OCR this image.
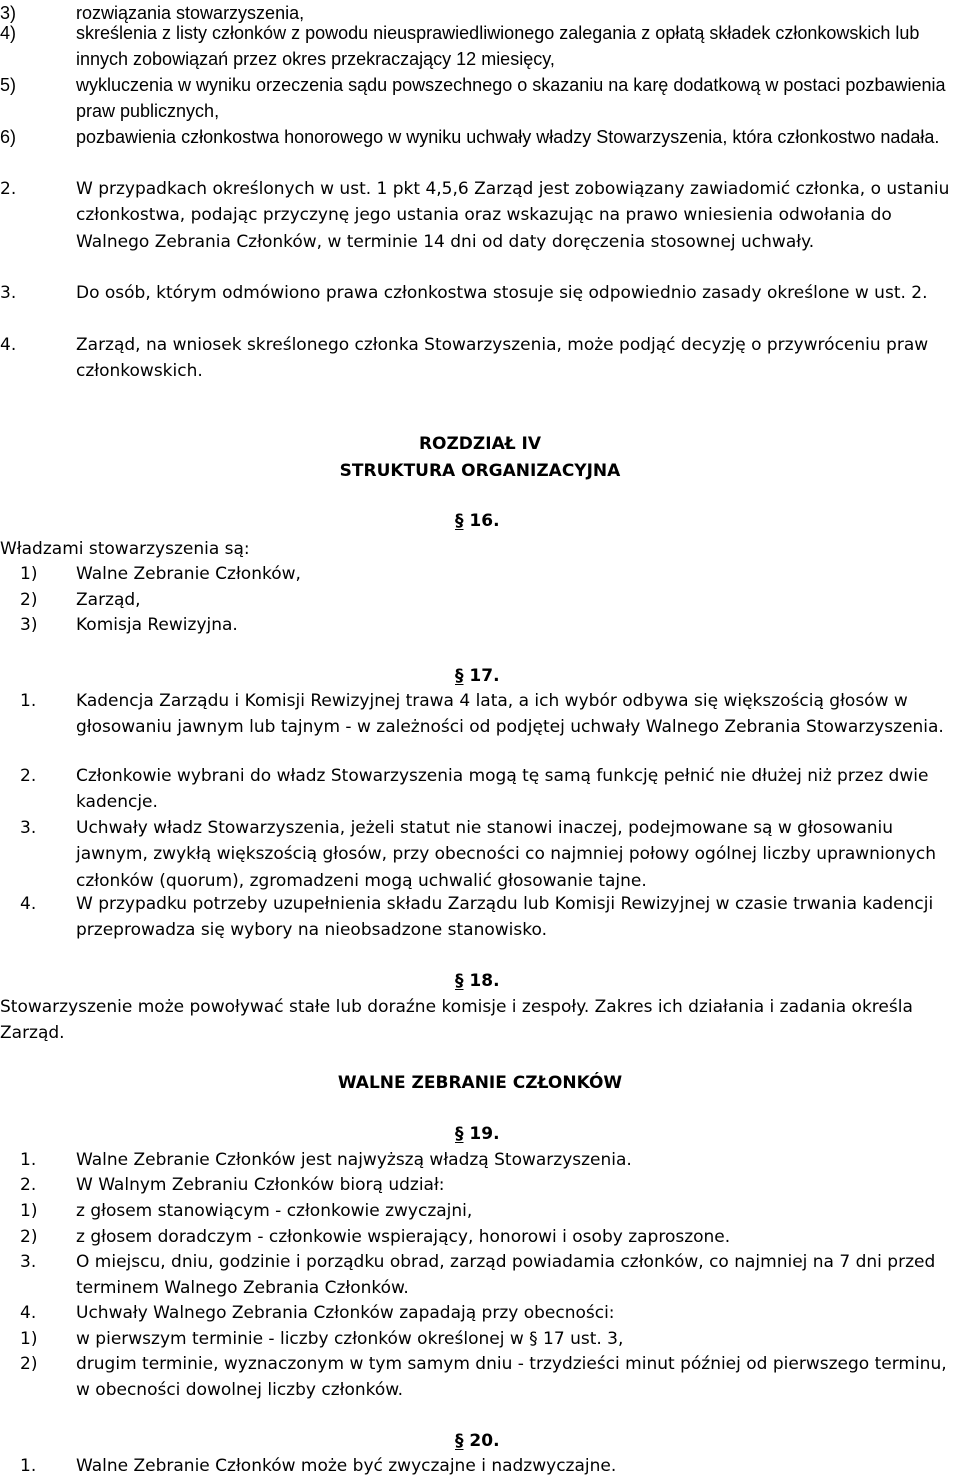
3)	rozwiązania stowarzyszenia,
4)	skreślenia z listy członków z powodu nieusprawiedliwionego zalegania z opłatą składek członkowskich lub innych zobowiązań przez okres przekraczający 12 miesięcy,
5)	wykluczenia w wyniku orzeczenia sądu powszechnego o skazaniu na karę dodatkową w postaci pozbawienia praw publicznych,
6)	pozbawienia członkostwa honorowego w wyniku uchwały władzy Stowarzyszenia, która członkostwo nadała.
2.	W przypadkach określonych w ust. 1 pkt 4,5,6 Zarząd jest zobowiązany zawiadomić członka, o ustaniu członkostwa, podając przyczynę jego ustania oraz wskazując na prawo wniesienia odwołania do Walnego Zebrania Członków, w terminie 14 dni od daty doręczenia stosownej uchwały.
3.	Do osób, którym odmówiono prawa członkostwa stosuje się odpowiednio zasady określone w ust. 2.
4.	Zarząd, na wniosek skreślonego członka Stowarzyszenia, może podjąć decyzję o przywróceniu praw członkowskich.
ROZDZIAŁ IV
STRUKTURA ORGANIZACYJNA
§ 16.
Władzami stowarzyszenia są:
1) Walne Zebranie Członków,
2) Zarząd,
3) Komisja Rewizyjna.
§ 17.
1. Kadencja Zarządu i Komisji Rewizyjnej trawa 4 lata, a ich wybór odbywa się większością głosów w głosowaniu jawnym lub tajnym - w zależności od podjętej uchwały Walnego Zebrania Stowarzyszenia.
2. Członkowie wybrani do władz Stowarzyszenia mogą tę samą funkcję pełnić nie dłużej niż przez dwie kadencje.
3. Uchwały władz Stowarzyszenia, jeżeli statut nie stanowi inaczej, podejmowane są w głosowaniu jawnym, zwykłą większością głosów, przy obecności co najmniej połowy ogólnej liczby uprawnionych członków (quorum), zgromadzeni mogą uchwalić głosowanie tajne.
4. W przypadku potrzeby uzupełnienia składu Zarządu lub Komisji Rewizyjnej w czasie trwania kadencji przeprowadza się wybory na nieobsadzone stanowisko.
§ 18.
Stowarzyszenie może powoływać stałe lub doraźne komisje i zespoły. Zakres ich działania i zadania określa Zarząd.
WALNE ZEBRANIE CZŁONKÓW
§ 19.
1. Walne Zebranie Członków jest najwyższą władzą Stowarzyszenia.
2. W Walnym Zebraniu Członków biorą udział:
1) z głosem stanowiącym - członkowie zwyczajni,
2) z głosem doradczym - członkowie wspierający, honorowi i osoby zaproszone.
3. O miejscu, dniu, godzinie i porządku obrad, zarząd powiadamia członków, co najmniej na 7 dni przed terminem Walnego Zebrania Członków.
4. Uchwały Walnego Zebrania Członków zapadają przy obecności:
1) w pierwszym terminie - liczby członków określonej w § 17 ust. 3,
2) drugim terminie, wyznaczonym w tym samym dniu - trzydzieści minut później od pierwszego terminu, w obecności dowolnej liczby członków.
§ 20.
1. Walne Zebranie Członków może być zwyczajne i nadzwyczajne.
